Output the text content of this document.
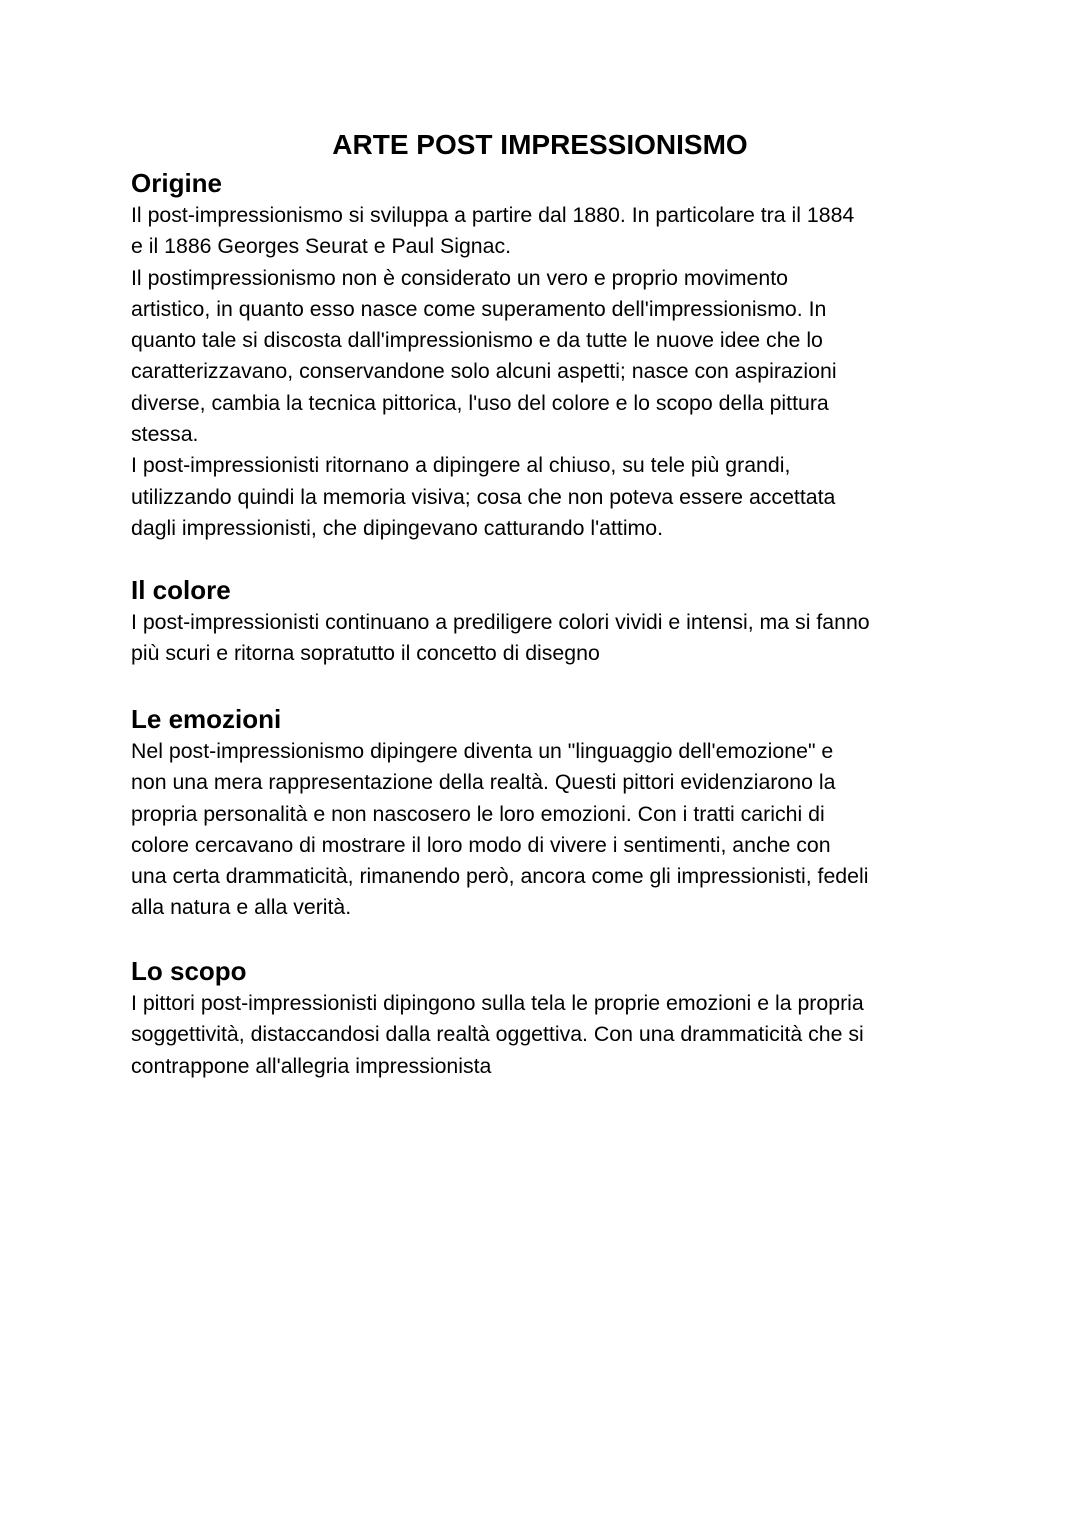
ARTE POST IMPRESSIONISMO
Origine
Il post-impressionismo si sviluppa a partire dal 1880. In particolare tra il 1884
e il 1886 Georges Seurat e Paul Signac.
Il postimpressionismo non è considerato un vero e proprio movimento
artistico, in quanto esso nasce come superamento dell'impressionismo. In
quanto tale si discosta dall'impressionismo e da tutte le nuove idee che lo
caratterizzavano, conservandone solo alcuni aspetti; nasce con aspirazioni
diverse, cambia la tecnica pittorica, l'uso del colore e lo scopo della pittura
stessa.
I post-impressionisti ritornano a dipingere al chiuso, su tele più grandi,
utilizzando quindi la memoria visiva; cosa che non poteva essere accettata
dagli impressionisti, che dipingevano catturando l'attimo.
Il colore
I post-impressionisti continuano a prediligere colori vividi e intensi, ma si fanno
più scuri e ritorna sopratutto il concetto di disegno
Le emozioni
Nel post-impressionismo dipingere diventa un "linguaggio dell'emozione" e
non una mera rappresentazione della realtà. Questi pittori evidenziarono la
propria personalità e non nascosero le loro emozioni. Con i tratti carichi di
colore cercavano di mostrare il loro modo di vivere i sentimenti, anche con
una certa drammaticità, rimanendo però, ancora come gli impressionisti, fedeli
alla natura e alla verità.
Lo scopo
I pittori post-impressionisti dipingono sulla tela le proprie emozioni e la propria
soggettività, distaccandosi dalla realtà oggettiva. Con una drammaticità che si
contrappone all'allegria impressionista
